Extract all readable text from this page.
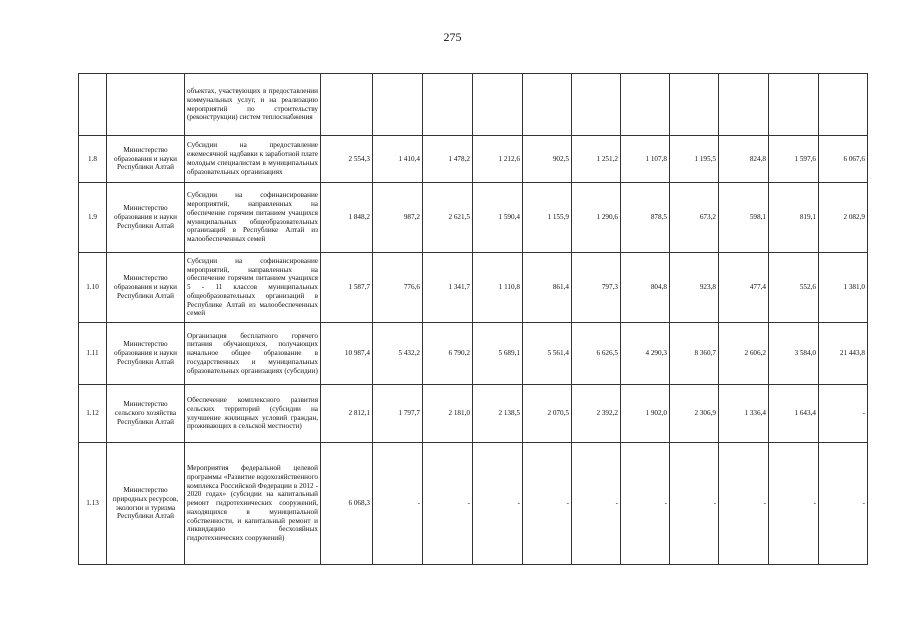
275
		объектах, участвующих в предоставлении коммунальных услуг, и на реализацию мероприятий по строительству (реконструкции) систем теплоснабжения											
1.8	Министерство образования и науки Республики Алтай	Субсидии на предоставление ежемесячной надбавки к заработной плате молодым специалистам в муниципальных образовательных организациях	2 554,3	1 410,4	1 478,2	1 212,6	902,5	1 251,2	1 107,8	1 195,5	824,8	1 597,6	6 067,6
1.9	Министерство образования и науки Республики Алтай	Субсидии на софинансирование мероприятий, направленных на обеспечение горячим питанием учащихся муниципальных общеобразовательных организаций в Республике Алтай из малообеспеченных семей	1 848,2	987,2	2 621,5	1 590,4	1 155,9	1 290,6	878,5	673,2	598,1	819,1	2 082,9
1.10	Министерство образования и науки Республики Алтай	Субсидии на софинансирование мероприятий, направленных на обеспечение горячим питанием учащихся 5 - 11 классов муниципальных общеобразовательных организаций в Республике Алтай из малообеспеченных семей	1 587,7	776,6	1 341,7	1 110,8	861,4	797,3	804,8	923,8	477,4	552,6	1 381,0
1.11	Министерство образования и науки Республики Алтай	Организация бесплатного горячего питания обучающихся, получающих начальное общее образование в государственных и муниципальных образовательных организациях (субсидии)	10 987,4	5 432,2	6 790,2	5 689,1	5 561,4	6 626,5	4 290,3	8 360,7	2 606,2	3 584,0	21 443,8
1.12	Министерство сельского хозяйства Республики Алтай	Обеспечение комплексного развития сельских территорий (субсидии на улучшение жилищных условий граждан, проживающих в сельской местности)	2 812,1	1 797,7	2 181,0	2 138,5	2 070,5	2 392,2	1 902,0	2 306,9	1 336,4	1 643,4	-
1.13	Министерство природных ресурсов, экологии и туризма Республики Алтай	Мероприятия федеральной целевой программы «Развитие водохозяйственного комплекса Российской Федерации в 2012 - 2020 годах» (субсидии на капитальный ремонт гидротехнических сооружений, находящихся в муниципальной собственности, и капитальный ремонт и ликвидацию бесхозяйных гидротехнических сооружений)	6 068,3	-	-	-	-	-	-	-	-	-	-
